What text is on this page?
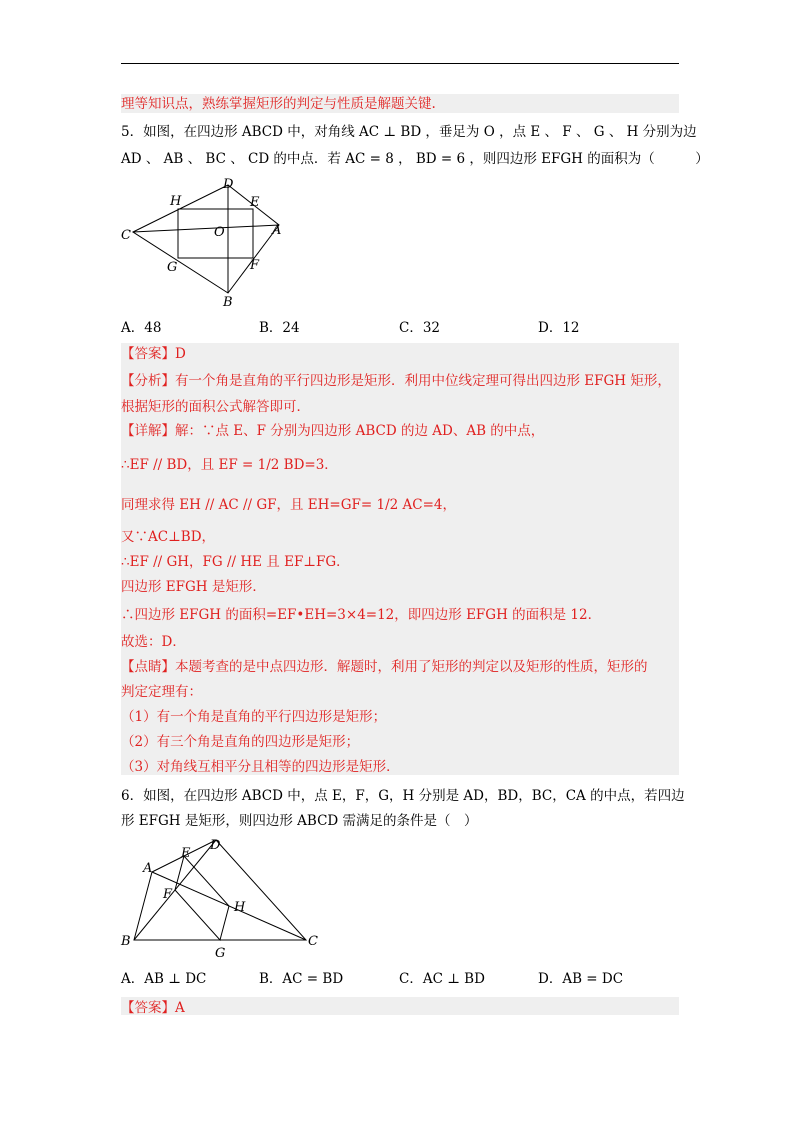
理等知识点，熟练掌握矩形的判定与性质是解题关键.
5．如图，在四边形 ABCD 中，对角线 AC ⊥ BD ，垂足为 O ，点 E 、 F 、 G 、 H 分别为边
AD 、 AB 、 BC 、 CD 的中点．若 AC = 8 ， BD = 6 ，则四边形 EFGH 的面积为（　　　）
C
H
D
E
A
O
G	F
B
A．48	B．24	C．32	D．12
【答案】D
【分析】有一个角是直角的平行四边形是矩形．利用中位线定理可得出四边形 EFGH 矩形，
根据矩形的面积公式解答即可．
【详解】解：∵点 E、F 分别为四边形 ABCD 的边 AD、AB 的中点，
∴EF // BD，且 EF = 1/2 BD=3．
同理求得 EH // AC // GF，且 EH=GF= 1/2 AC=4，
又∵AC⊥BD，
∴EF // GH，FG // HE 且 EF⊥FG．
四边形 EFGH 是矩形．
∴四边形 EFGH 的面积=EF•EH=3×4=12，即四边形 EFGH 的面积是 12．
故选：D．
【点睛】本题考查的是中点四边形．解题时，利用了矩形的判定以及矩形的性质，矩形的
判定定理有：
（1）有一个角是直角的平行四边形是矩形；
（2）有三个角是直角的四边形是矩形；
（3）对角线互相平分且相等的四边形是矩形．
6．如图，在四边形 ABCD 中，点 E，F，G，H 分别是 AD，BD，BC，CA 的中点，若四边
形 EFGH 是矩形，则四边形 ABCD 需满足的条件是（　）
A
E
D
F
H
B
G
C
A．AB ⊥ DC	B．AC = BD	C．AC ⊥ BD	D．AB = DC
【答案】A
